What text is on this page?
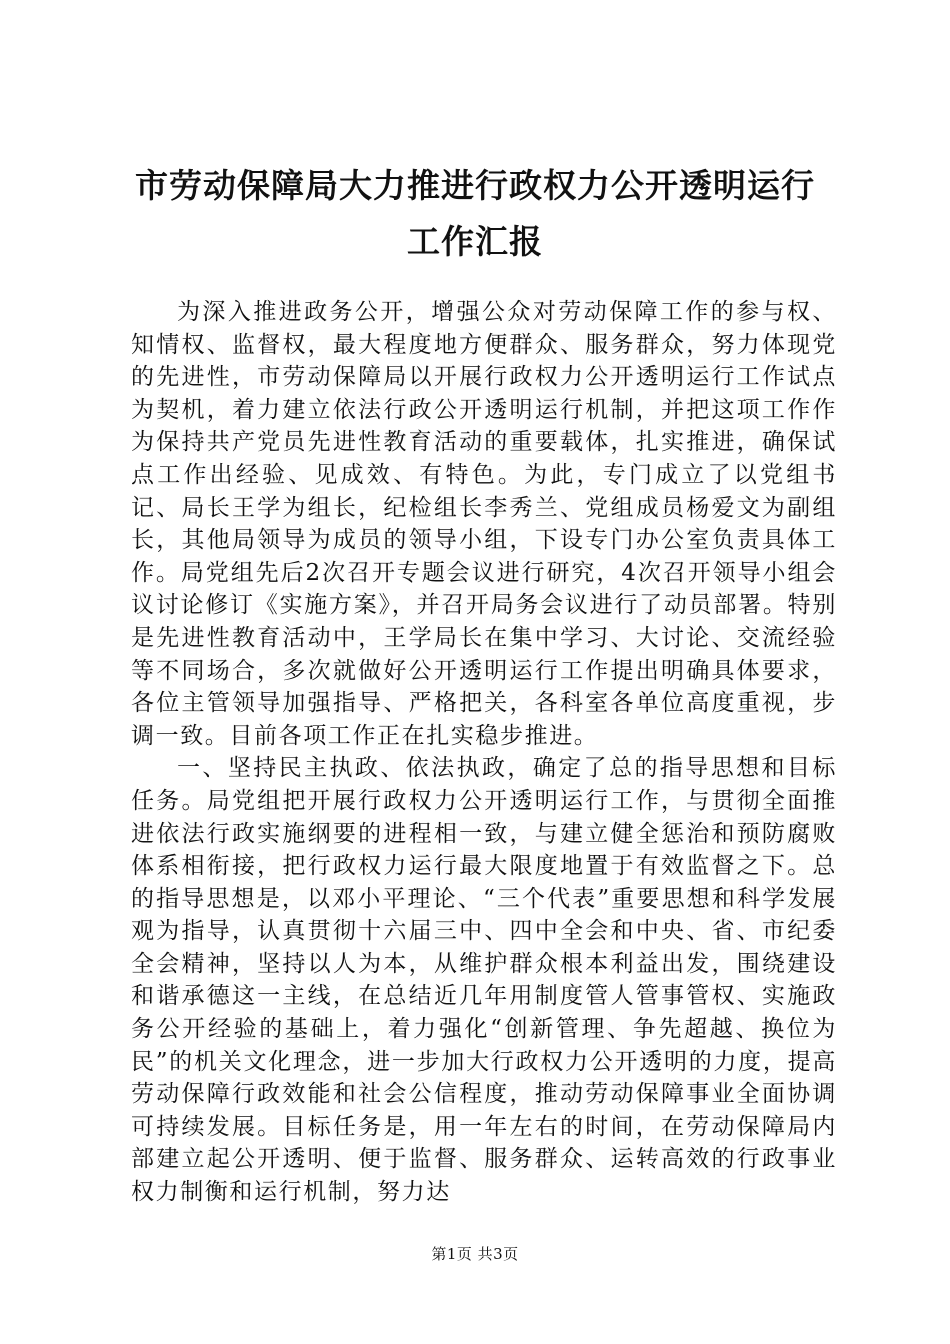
市劳动保障局大力推进行政权力公开透明运行
工作汇报

为深入推进政务公开，增强公众对劳动保障工作的参与权、知情权、监督权，最大程度地方便群众、服务群众，努力体现党的先进性，市劳动保障局以开展行政权力公开透明运行工作试点为契机，着力建立依法行政公开透明运行机制，并把这项工作作为保持共产党员先进性教育活动的重要载体，扎实推进，确保试点工作出经验、见成效、有特色。为此，专门成立了以党组书记、局长王学为组长，纪检组长李秀兰、党组成员杨爱文为副组长，其他局领导为成员的领导小组，下设专门办公室负责具体工作。局党组先后2次召开专题会议进行研究，4次召开领导小组会议讨论修订《实施方案》，并召开局务会议进行了动员部署。特别是先进性教育活动中，王学局长在集中学习、大讨论、交流经验等不同场合，多次就做好公开透明运行工作提出明确具体要求，各位主管领导加强指导、严格把关，各科室各单位高度重视，步调一致。目前各项工作正在扎实稳步推进。

一、坚持民主执政、依法执政，确定了总的指导思想和目标任务。局党组把开展行政权力公开透明运行工作，与贯彻全面推进依法行政实施纲要的进程相一致，与建立健全惩治和预防腐败体系相衔接，把行政权力运行最大限度地置于有效监督之下。总的指导思想是，以邓小平理论、“三个代表”重要思想和科学发展观为指导，认真贯彻十六届三中、四中全会和中央、省、市纪委全会精神，坚持以人为本，从维护群众根本利益出发，围绕建设和谐承德这一主线，在总结近几年用制度管人管事管权、实施政务公开经验的基础上，着力强化“创新管理、争先超越、换位为民”的机关文化理念，进一步加大行政权力公开透明的力度，提高劳动保障行政效能和社会公信程度，推动劳动保障事业全面协调可持续发展。目标任务是，用一年左右的时间，在劳动保障局内部建立起公开透明、便于监督、服务群众、运转高效的行政事业权力制衡和运行机制，努力达

第1页 共3页
